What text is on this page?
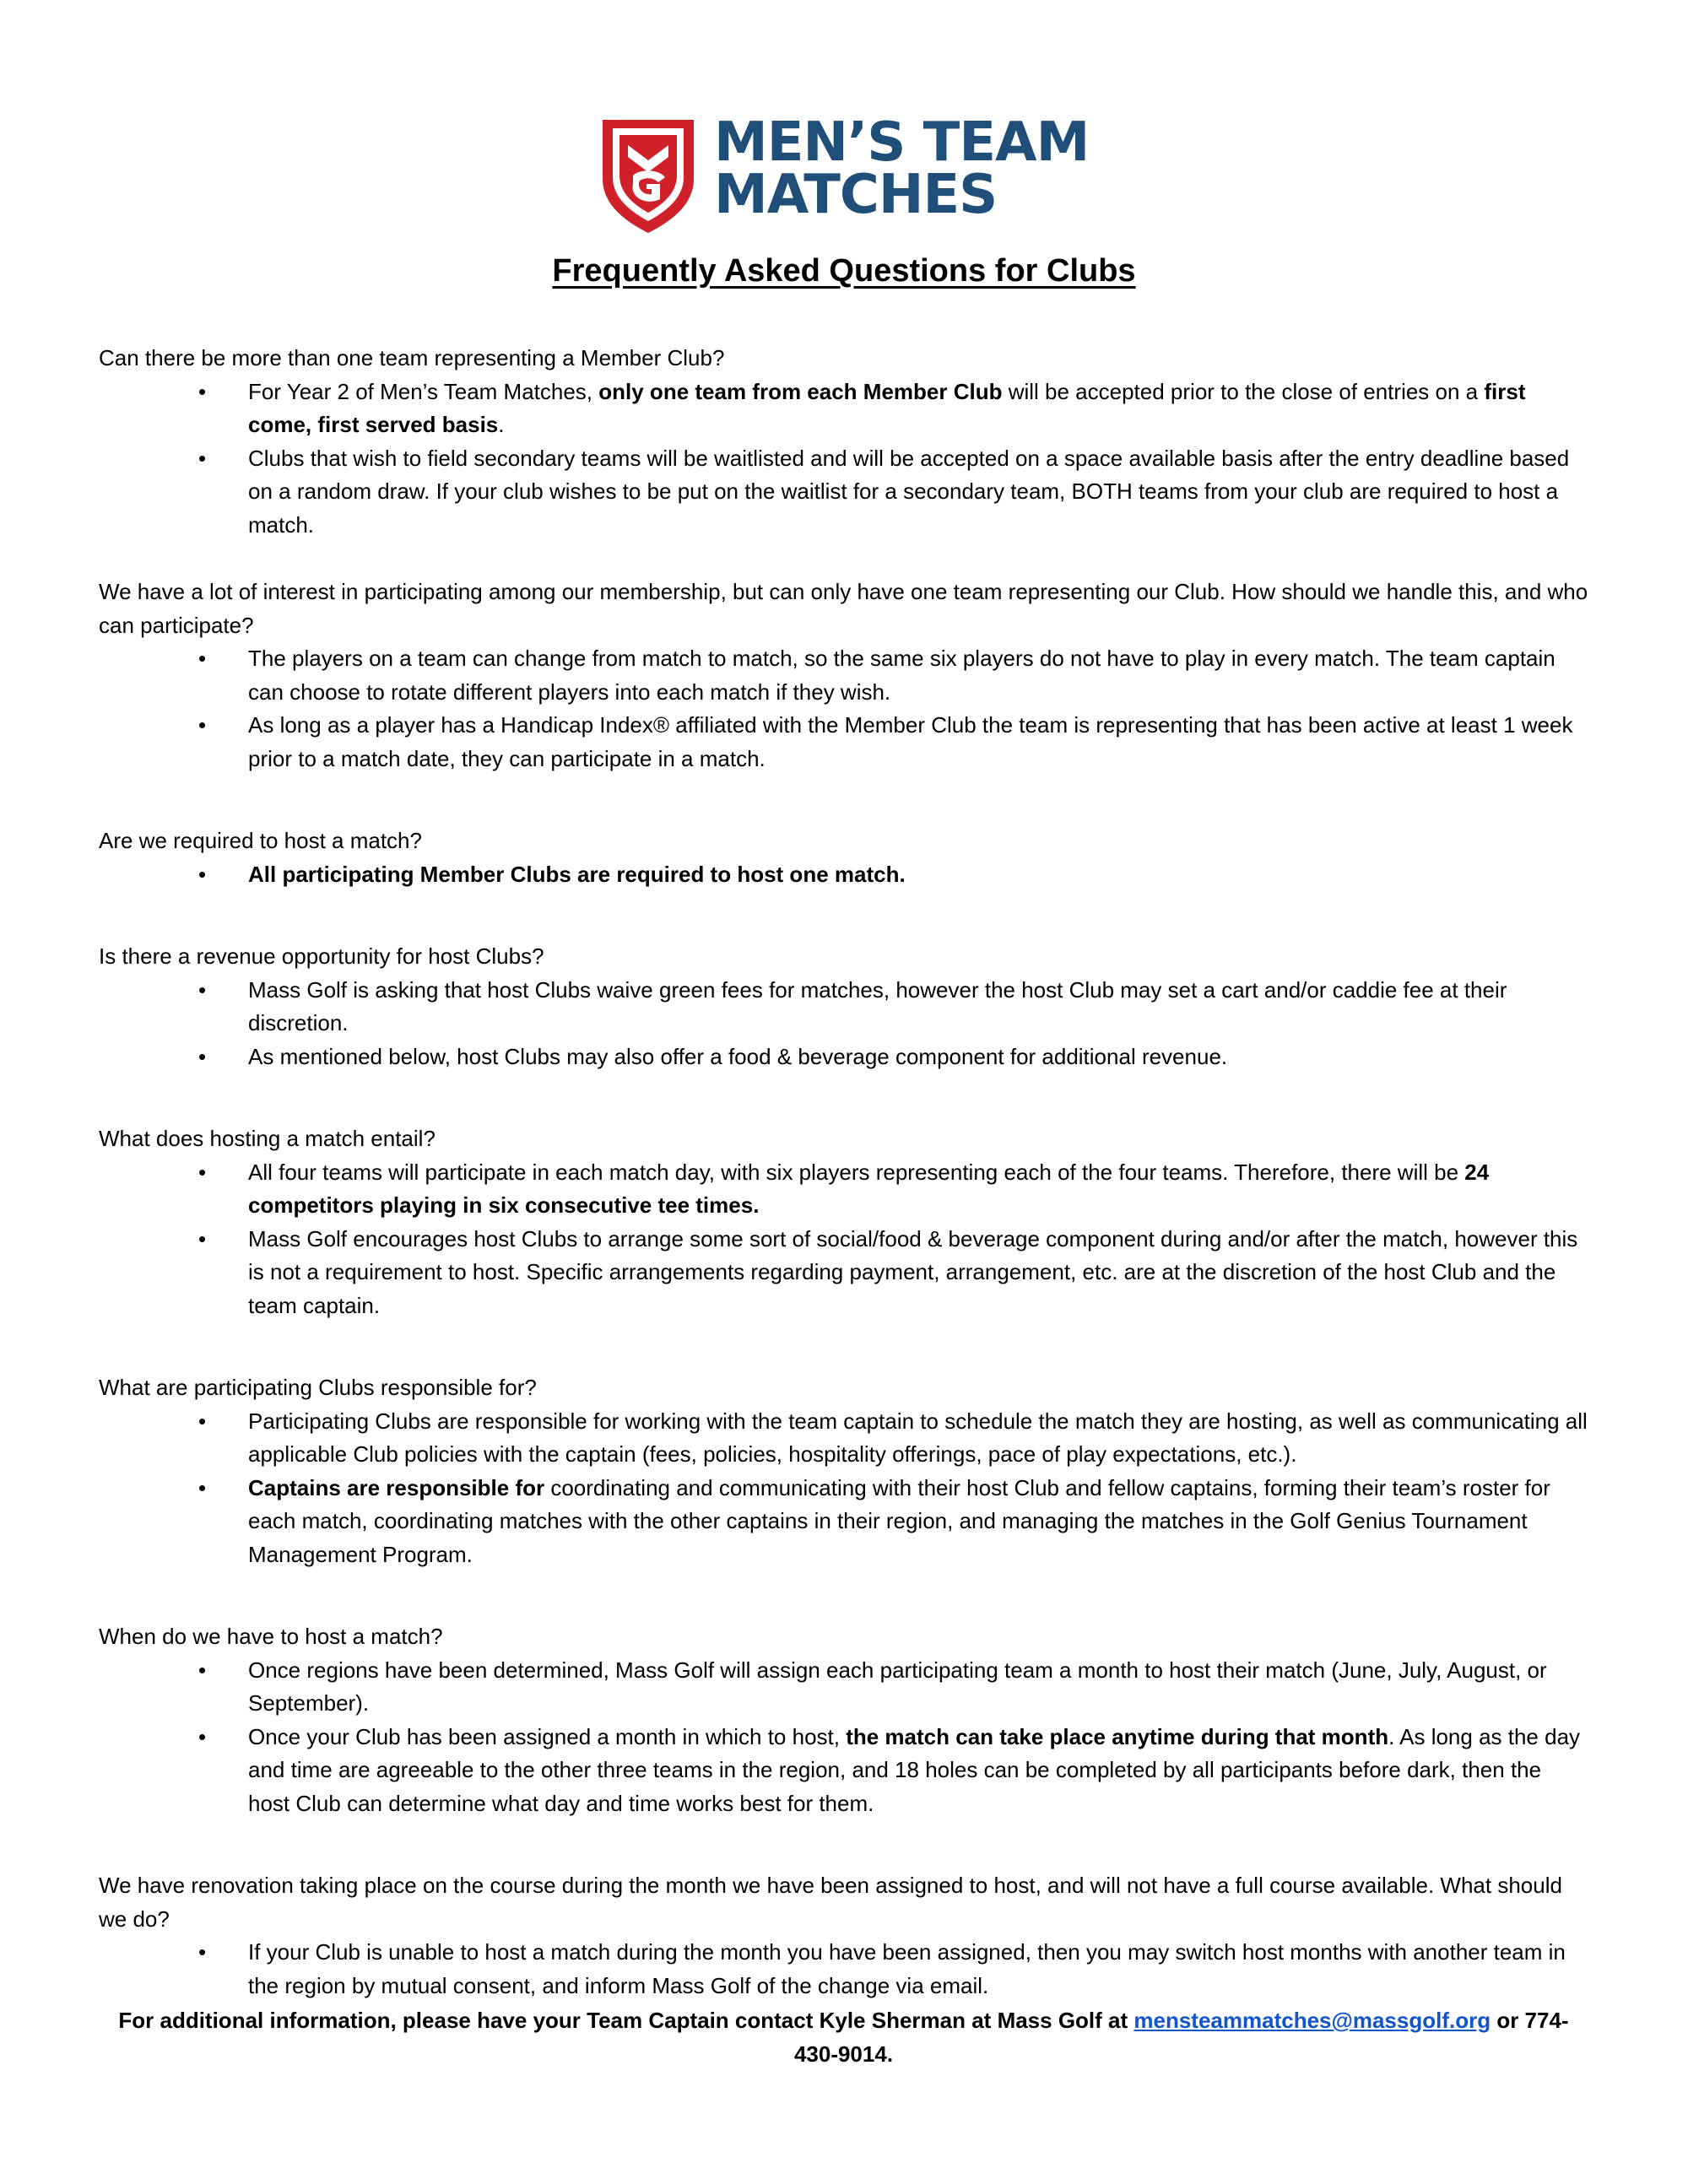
MEN’S TEAM
MATCHES
Frequently Asked Questions for Clubs

Can there be more than one team representing a Member Club?

• For Year 2 of Men’s Team Matches, only one team from each Member Club will be accepted prior to the close of entries on a first come, first served basis.
• Clubs that wish to field secondary teams will be waitlisted and will be accepted on a space available basis after the entry deadline based on a random draw. If your club wishes to be put on the waitlist for a secondary team, BOTH teams from your club are required to host a match.

We have a lot of interest in participating among our membership, but can only have one team representing our Club. How should we handle this, and who can participate?

• The players on a team can change from match to match, so the same six players do not have to play in every match. The team captain can choose to rotate different players into each match if they wish.
• As long as a player has a Handicap Index® affiliated with the Member Club the team is representing that has been active at least 1 week prior to a match date, they can participate in a match.

Are we required to host a match?

• All participating Member Clubs are required to host one match.

Is there a revenue opportunity for host Clubs?

• Mass Golf is asking that host Clubs waive green fees for matches, however the host Club may set a cart and/or caddie fee at their discretion.
• As mentioned below, host Clubs may also offer a food & beverage component for additional revenue.

What does hosting a match entail?

• All four teams will participate in each match day, with six players representing each of the four teams. Therefore, there will be 24 competitors playing in six consecutive tee times.
• Mass Golf encourages host Clubs to arrange some sort of social/food & beverage component during and/or after the match, however this is not a requirement to host. Specific arrangements regarding payment, arrangement, etc. are at the discretion of the host Club and the team captain.

What are participating Clubs responsible for?

• Participating Clubs are responsible for working with the team captain to schedule the match they are hosting, as well as communicating all applicable Club policies with the captain (fees, policies, hospitality offerings, pace of play expectations, etc.).
• Captains are responsible for coordinating and communicating with their host Club and fellow captains, forming their team’s roster for each match, coordinating matches with the other captains in their region, and managing the matches in the Golf Genius Tournament Management Program.

When do we have to host a match?

• Once regions have been determined, Mass Golf will assign each participating team a month to host their match (June, July, August, or September).
• Once your Club has been assigned a month in which to host, the match can take place anytime during that month. As long as the day and time are agreeable to the other three teams in the region, and 18 holes can be completed by all participants before dark, then the host Club can determine what day and time works best for them.

We have renovation taking place on the course during the month we have been assigned to host, and will not have a full course available. What should we do?

• If your Club is unable to host a match during the month you have been assigned, then you may switch host months with another team in the region by mutual consent, and inform Mass Golf of the change via email.
For additional information, please have your Team Captain contact Kyle Sherman at Mass Golf at mensteammatches@massgolf.org or 774-430-9014.
